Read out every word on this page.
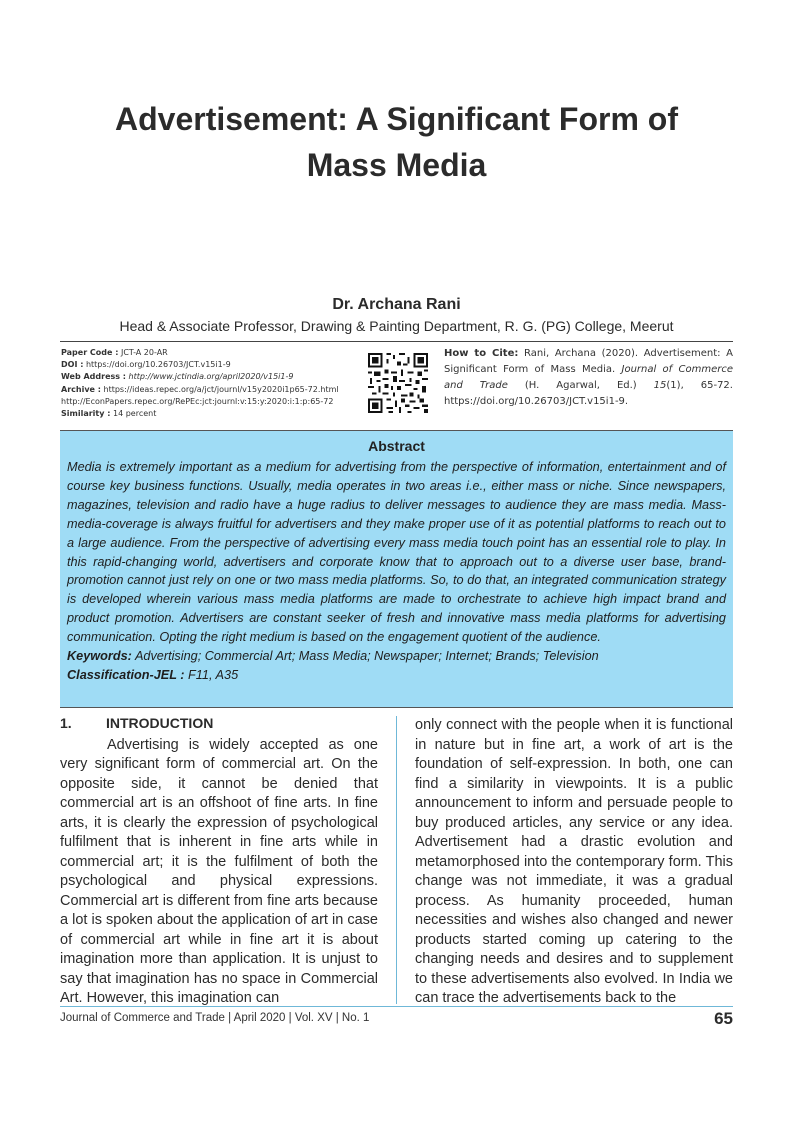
Advertisement: A Significant Form of
Mass Media
Dr. Archana Rani
Head & Associate Professor, Drawing & Painting Department, R. G. (PG) College, Meerut
Paper Code : JCT-A 20-AR
DOI : https://doi.org/10.26703/JCT.v15i1-9
Web Address : http://www.jctindia.org/april2020/v15i1-9
Archive : https://ideas.repec.org/a/jct/journl/v15y2020i1p65-72.html
http://EconPapers.repec.org/RePEc:jct:journl:v:15:y:2020:i:1:p:65-72
Similarity : 14 percent
How to Cite: Rani, Archana (2020). Advertisement: A Significant Form of Mass Media. Journal of Commerce and Trade (H. Agarwal, Ed.) 15(1), 65-72. https://doi.org/10.26703/JCT.v15i1-9.
Abstract
Media is extremely important as a medium for advertising from the perspective of information, entertainment and of course key business functions. Usually, media operates in two areas i.e., either mass or niche. Since newspapers, magazines, television and radio have a huge radius to deliver messages to audience they are mass media. Mass-media-coverage is always fruitful for advertisers and they make proper use of it as potential platforms to reach out to a large audience. From the perspective of advertising every mass media touch point has an essential role to play. In this rapid-changing world, advertisers and corporate know that to approach out to a diverse user base, brand-promotion cannot just rely on one or two mass media platforms. So, to do that, an integrated communication strategy is developed wherein various mass media platforms are made to orchestrate to achieve high impact brand and product promotion. Advertisers are constant seeker of fresh and innovative mass media platforms for advertising communication. Opting the right medium is based on the engagement quotient of the audience.
Keywords: Advertising; Commercial Art; Mass Media; Newspaper; Internet; Brands; Television
Classification-JEL : F11, A35
1. INTRODUCTION

Advertising is widely accepted as one very significant form of commercial art. On the opposite side, it cannot be denied that commercial art is an offshoot of fine arts. In fine arts, it is clearly the expression of psychological fulfilment that is inherent in fine arts while in commercial art; it is the fulfilment of both the psychological and physical expressions. Commercial art is different from fine arts because a lot is spoken about the application of art in case of commercial art while in fine art it is about imagination more than application. It is unjust to say that imagination has no space in Commercial Art. However, this imagination can

only connect with the people when it is functional in nature but in fine art, a work of art is the foundation of self-expression. In both, one can find a similarity in viewpoints. It is a public announcement to inform and persuade people to buy produced articles, any service or any idea. Advertisement had a drastic evolution and metamorphosed into the contemporary form. This change was not immediate, it was a gradual process. As humanity proceeded, human necessities and wishes also changed and newer products started coming up catering to the changing needs and desires and to supplement to these advertisements also evolved. In India we can trace the advertisements back to the

Journal of Commerce and Trade | April 2020 | Vol. XV | No. 1	65
